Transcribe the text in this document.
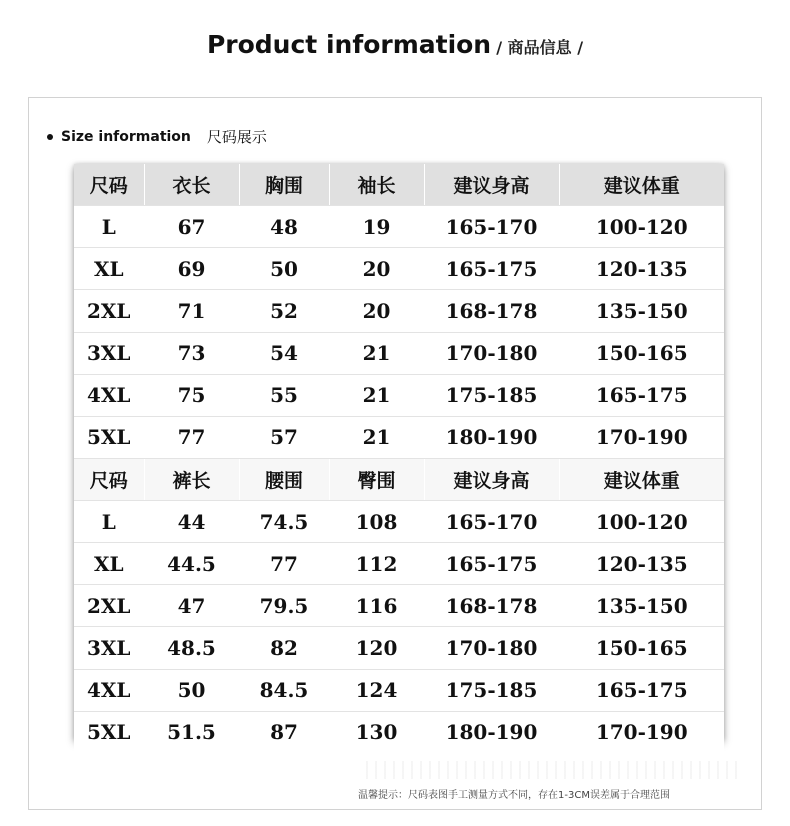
Product information / 商品信息 /
Size information 尺码展示
尺码	衣长	胸围	袖长	建议身高	建议体重
L	67	48	19	165-170	100-120
XL	69	50	20	165-175	120-135
2XL	71	52	20	168-178	135-150
3XL	73	54	21	170-180	150-165
4XL	75	55	21	175-185	165-175
5XL	77	57	21	180-190	170-190
尺码	裤长	腰围	臀围	建议身高	建议体重
L	44	74.5	108	165-170	100-120
XL	44.5	77	112	165-175	120-135
2XL	47	79.5	116	168-178	135-150
3XL	48.5	82	120	170-180	150-165
4XL	50	84.5	124	175-185	165-175
5XL	51.5	87	130	180-190	170-190
温馨提示：尺码表图手工测量方式不同，存在1-3CM误差属于合理范围
